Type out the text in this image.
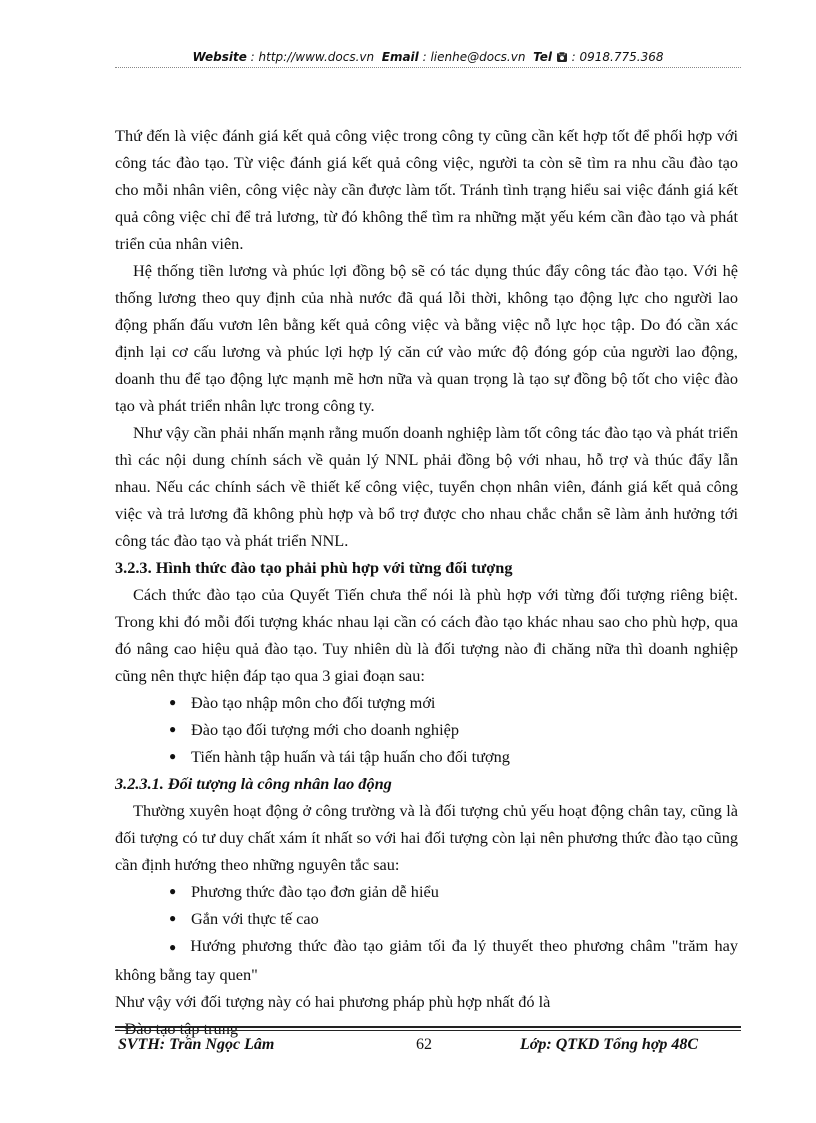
Website : http://www.docs.vn Email : lienhe@docs.vn Tel : 0918.775.368

Thứ đến là việc đánh giá kết quả công việc trong công ty cũng cần kết hợp tốt để phối hợp với công tác đào tạo. Từ việc đánh giá kết quả công việc, người ta còn sẽ tìm ra nhu cầu đào tạo cho mỗi nhân viên, công việc này cần được làm tốt. Tránh tình trạng hiểu sai việc đánh giá kết quả công việc chỉ để trả lương, từ đó không thể tìm ra những mặt yếu kém cần đào tạo và phát triển của nhân viên.

Hệ thống tiền lương và phúc lợi đồng bộ sẽ có tác dụng thúc đẩy công tác đào tạo. Với hệ thống lương theo quy định của nhà nước đã quá lỗi thời, không tạo động lực cho người lao động phấn đấu vươn lên bằng kết quả công việc và bằng việc nỗ lực học tập. Do đó cần xác định lại cơ cấu lương và phúc lợi hợp lý căn cứ vào mức độ đóng góp của người lao động, doanh thu để tạo động lực mạnh mẽ hơn nữa và quan trọng là tạo sự đồng bộ tốt cho việc đào tạo và phát triển nhân lực trong công ty.

Như vậy cần phải nhấn mạnh rằng muốn doanh nghiệp làm tốt công tác đào tạo và phát triển thì các nội dung chính sách về quản lý NNL phải đồng bộ với nhau, hỗ trợ và thúc đẩy lẫn nhau. Nếu các chính sách về thiết kế công việc, tuyển chọn nhân viên, đánh giá kết quả công việc và trả lương đã không phù hợp và bổ trợ được cho nhau chắc chắn sẽ làm ảnh hưởng tới công tác đào tạo và phát triển NNL.

3.2.3. Hình thức đào tạo phải phù hợp với từng đối tượng

Cách thức đào tạo của Quyết Tiến chưa thể nói là phù hợp với từng đối tượng riêng biệt. Trong khi đó mỗi đối tượng khác nhau lại cần có cách đào tạo khác nhau sao cho phù hợp, qua đó nâng cao hiệu quả đào tạo. Tuy nhiên dù là đối tượng nào đi chăng nữa thì doanh nghiệp cũng nên thực hiện đáp tạo qua 3 giai đoạn sau:

● Đào tạo nhập môn cho đối tượng mới
● Đào tạo đối tượng mới cho doanh nghiệp
● Tiến hành tập huấn và tái tập huấn cho đối tượng
3.2.3.1. Đối tượng là công nhân lao động

Thường xuyên hoạt động ở công trường và là đối tượng chủ yếu hoạt động chân tay, cũng là đối tượng có tư duy chất xám ít nhất so với hai đối tượng còn lại nên phương thức đào tạo cũng cần định hướng theo những nguyên tắc sau:

● Phương thức đào tạo đơn giản dễ hiểu
● Gắn với thực tế cao
● Hướng phương thức đào tạo giảm tối đa lý thuyết theo phương châm "trăm hay không bằng tay quen"

Như vậy với đối tượng này có hai phương pháp phù hợp nhất đó là

- Đào tạo tập trung

SVTH: Trần Ngọc Lâm	62	Lớp: QTKD Tổng hợp 48C
